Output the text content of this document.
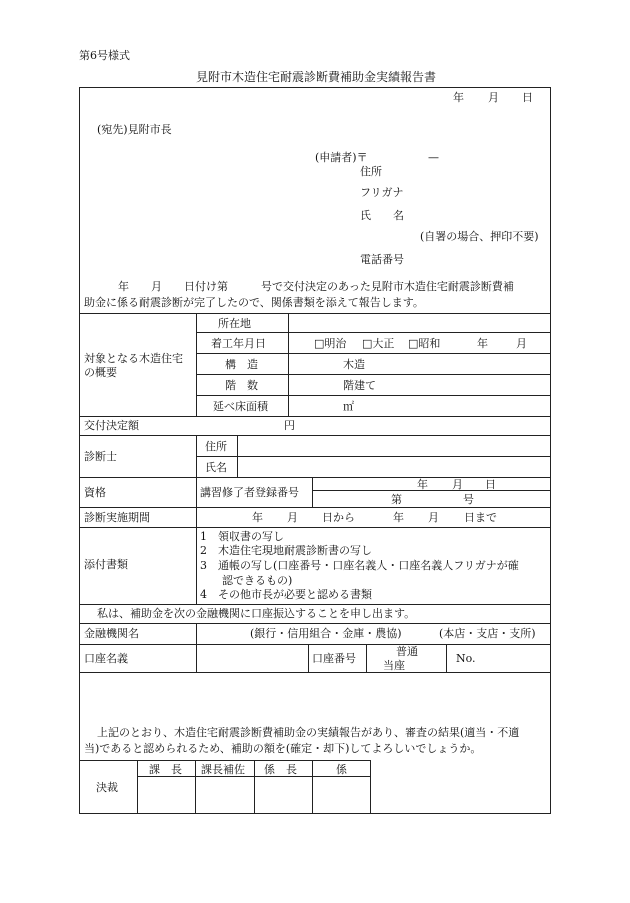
第6号様式
見附市木造住宅耐震診断費補助金実績報告書
年 月 日
(宛先)見附市長
(申請者)〒	—
住所
フリガナ
氏　　名
(自署の場合、押印不要)
電話番号
年　　月　　日付け第　　　号で交付決定のあった見附市木造住宅耐震診断費補
助金に係る耐震診断が完了したので、関係書類を添えて報告します。
対象となる木造住宅
の概要
所在地
着工年月日 □	明治 □	大正 □	昭和	年	月
構　造	木造
階　数	階建て
延べ床面積	㎡
交付決定額	円
診断士
住所
氏名
資格	講習修了者登録番号
年 月 日
第	号
診断実施期間	年 月 日から	年 月 日まで
添付書類
1　領収書の写し
2　木造住宅現地耐震診断書の写し
3　通帳の写し(口座番号・口座名義人・口座名義人フリガナが確
　　認できるもの)
4　その他市長が必要と認める書類
私は、補助金を次の金融機関に口座振込することを申し出ます。
金融機関名	(銀行・信用組合・金庫・農協)	(本店・支店・支所)
口座名義	口座番号
普通
当座
No.
上記のとおり、木造住宅耐震診断費補助金の実績報告があり、審査の結果(適当・不適
当)であると認められるため、補助の額を(確定・却下)してよろしいでしょうか。
決裁
課　長 課長補佐 係　長	係
